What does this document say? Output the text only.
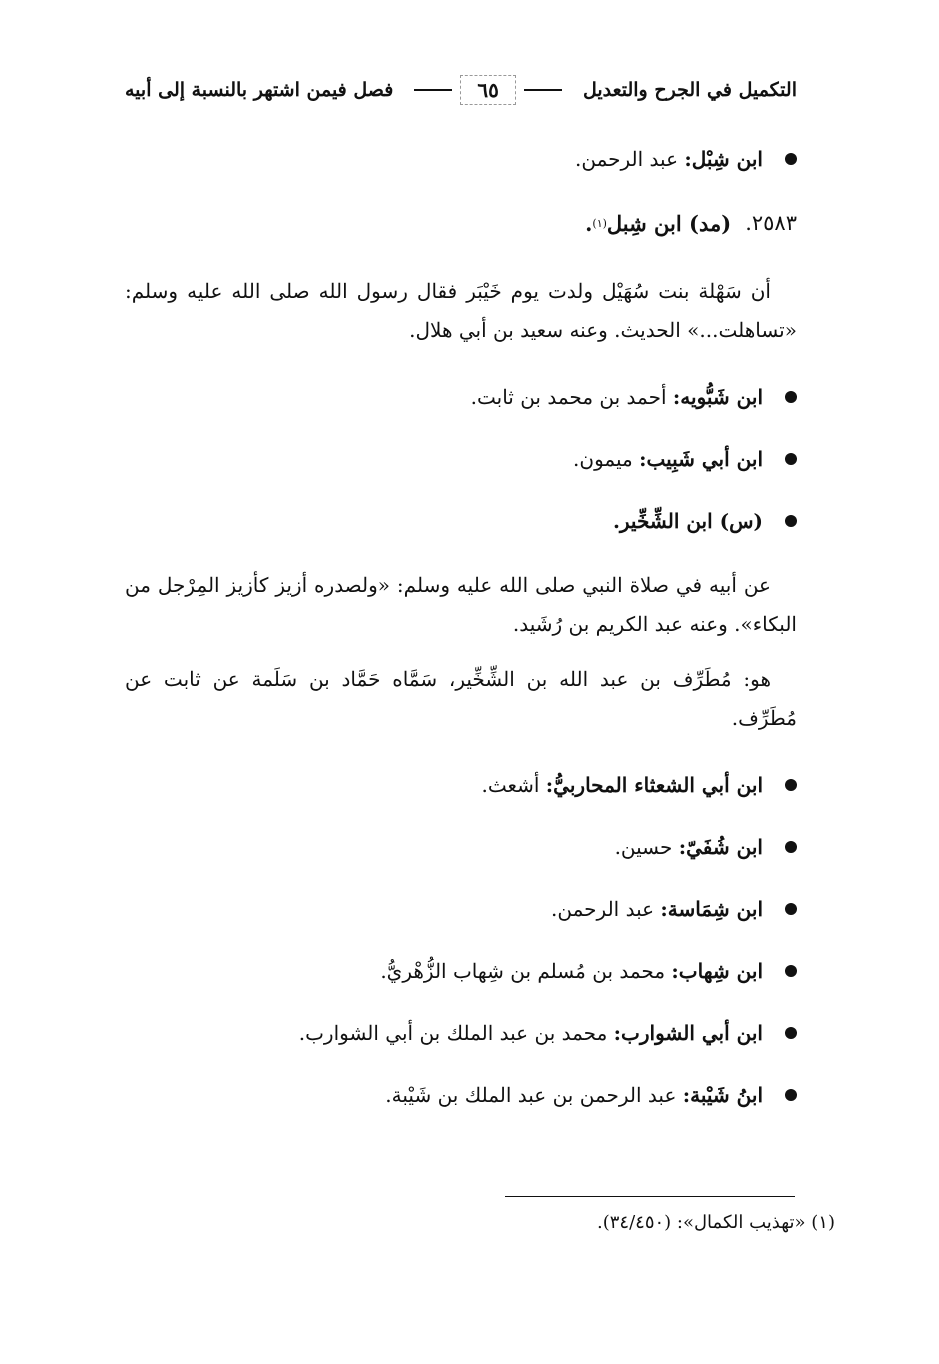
فصل فيمن اشتهر بالنسبة إلى أبيه	٦٥	التكميل في الجرح والتعديل
ابن شِبْل: عبد الرحمن.
٢٥٨٣.
(مد) ابن شِبل
(١)
.

أن سَهْلة بنت سُهَيْل ولدت يوم خَيْبَر فقال رسول الله صلى الله عليه وسلم: «تساهلت...» الحديث. وعنه سعيد بن أبي هلال.

ابن شَبُّويه: أحمد بن محمد بن ثابت.
ابن أبي شَبِيب: ميمون.
(س) ابن الشِّخِّير.

عن أبيه في صلاة النبي صلى الله عليه وسلم: «ولصدره أزيز كأزيز المِرْجل من البكاء». وعنه عبد الكريم بن رُشَيد.

هو: مُطَرِّف بن عبد الله بن الشِّخِّير، سَمَّاه حَمَّاد بن سَلَمة عن ثابت عن مُطَرِّف.

ابن أبي الشعثاء المحاربيُّ: أشعث.
ابن شُفَيّ: حسين.
ابن شِمَاسة: عبد الرحمن.
ابن شِهاب: محمد بن مُسلم بن شِهاب الزُّهْريُّ.
ابن أبي الشوارب: محمد بن عبد الملك بن أبي الشوارب.
ابنُ شَيْبة: عبد الرحمن بن عبد الملك بن شَيْبة.
(١) «تهذيب الكمال»: (٣٤/٤٥٠).
